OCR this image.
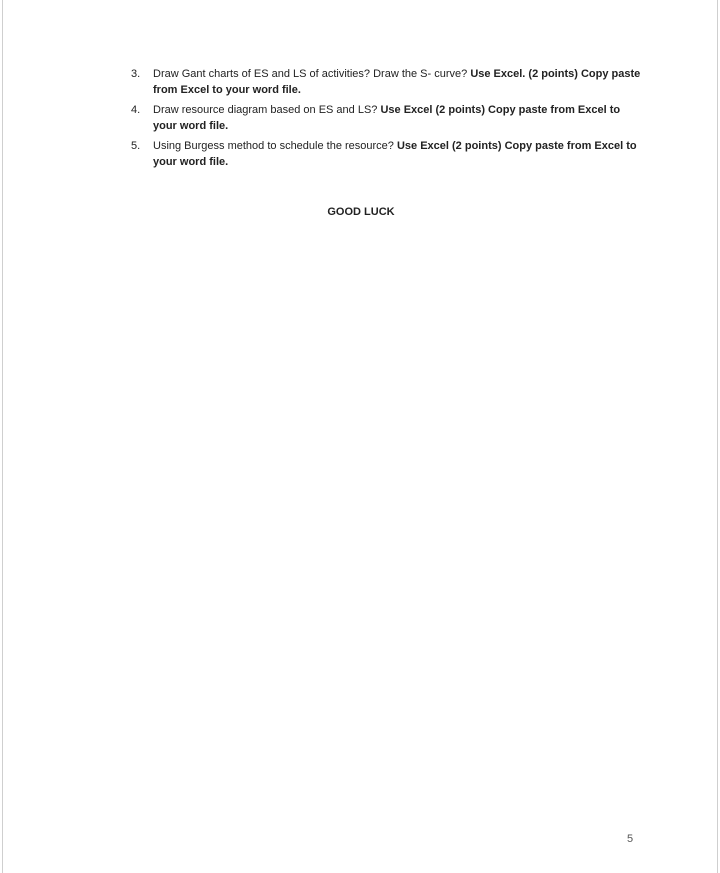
3. Draw Gant charts of ES and LS of activities? Draw the S- curve? Use Excel. (2 points) Copy paste from Excel to your word file.
4. Draw resource diagram based on ES and LS? Use Excel (2 points) Copy paste from Excel to your word file.
5. Using Burgess method to schedule the resource? Use Excel (2 points) Copy paste from Excel to your word file.
GOOD LUCK
5
